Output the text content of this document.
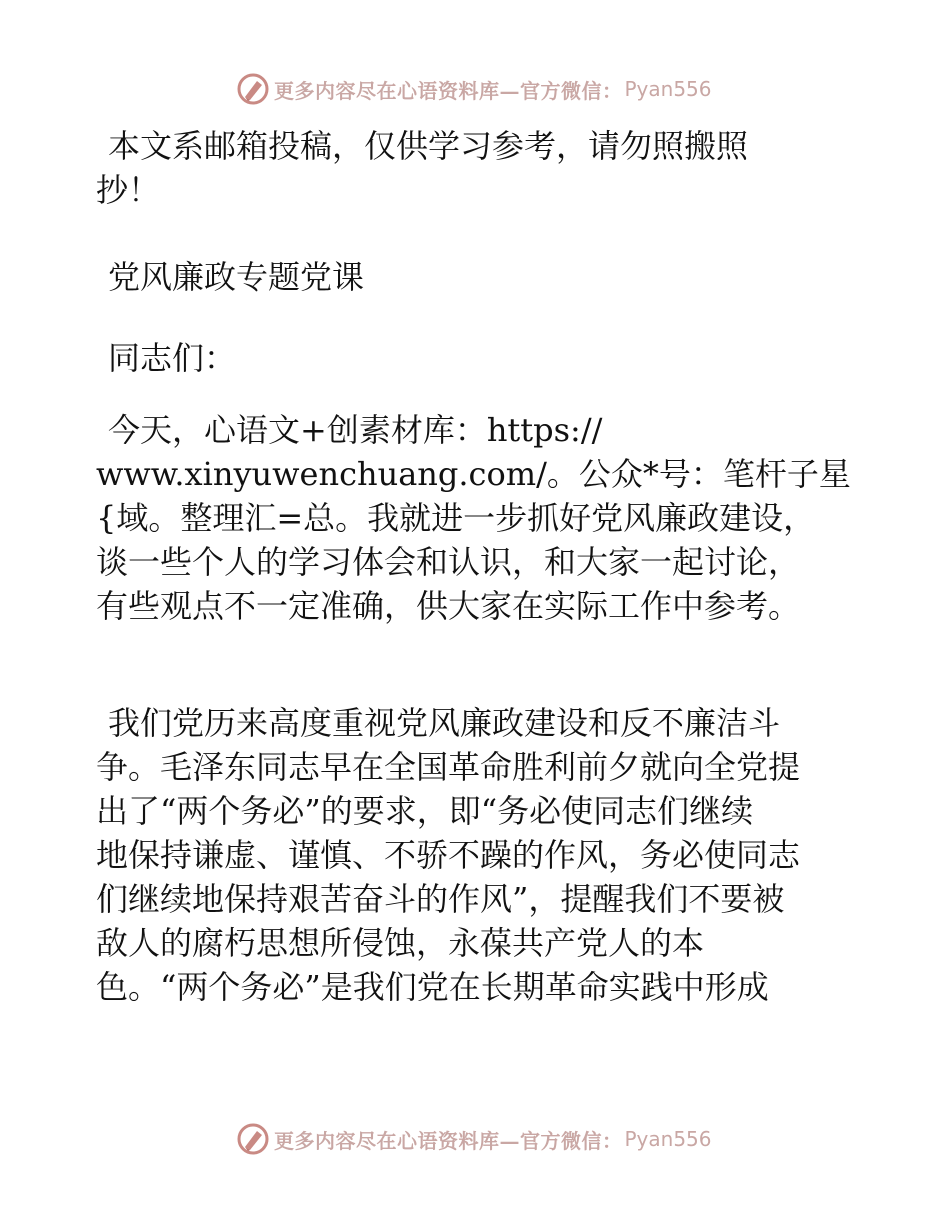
更多内容尽在心语资料库—官方微信： Pyan556
本文系邮箱投稿，仅供学习参考，请勿照搬照
抄！
党风廉政专题党课
同志们：
今天，心语文+创素材库：https://
www.xinyuwenchuang.com/。公众*号：笔杆子星
{域。整理汇=总。我就进一步抓好党风廉政建设，
谈一些个人的学习体会和认识，和大家一起讨论，
有些观点不一定准确，供大家在实际工作中参考。
我们党历来高度重视党风廉政建设和反不廉洁斗
争。毛泽东同志早在全国革命胜利前夕就向全党提
出了“两个务必”的要求，即“务必使同志们继续
地保持谦虚、谨慎、不骄不躁的作风，务必使同志
们继续地保持艰苦奋斗的作风”，提醒我们不要被
敌人的腐朽思想所侵蚀，永葆共产党人的本
色。“两个务必”是我们党在长期革命实践中形成
更多内容尽在心语资料库—官方微信： Pyan556
